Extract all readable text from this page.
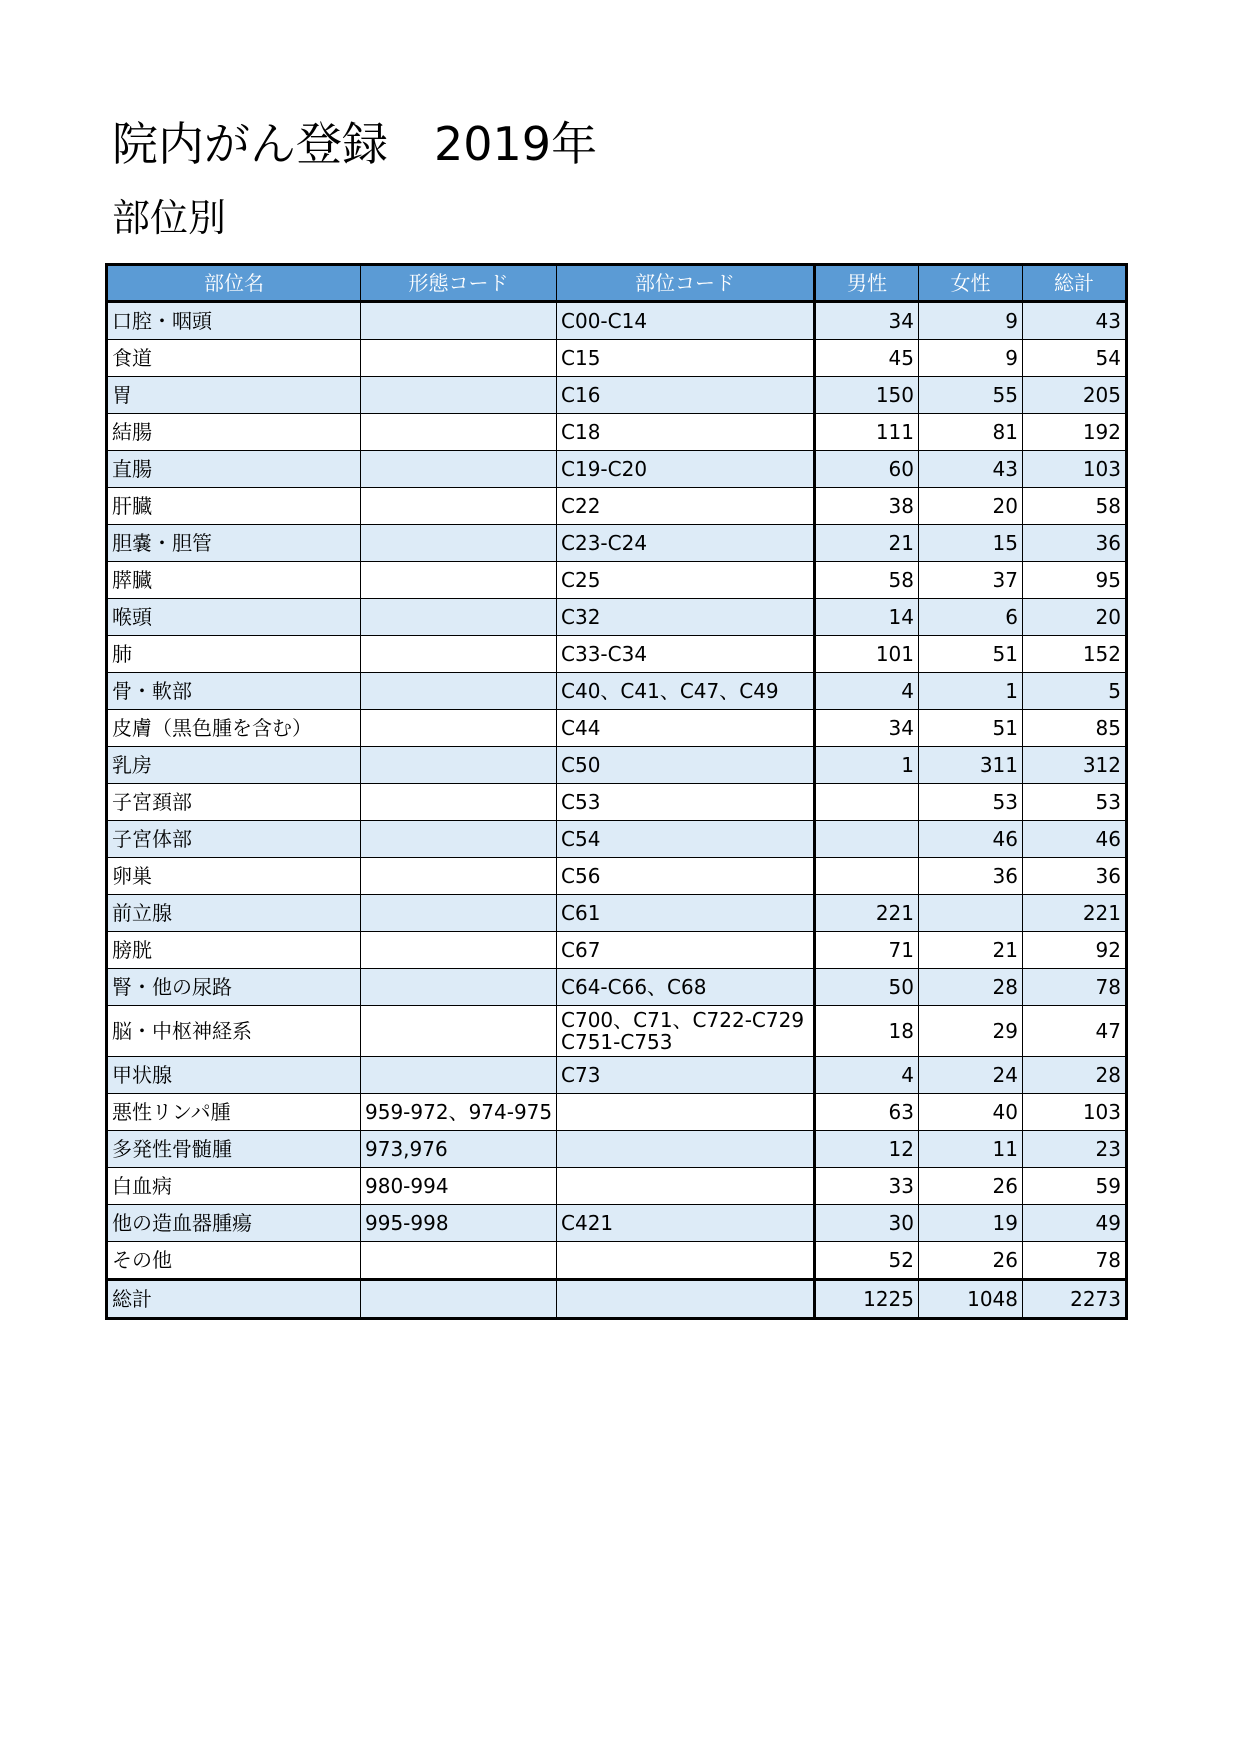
院内がん登録　2019年
部位別
部位名	形態コード	部位コード	男性	女性	総計
口腔・咽頭		C00-C14	34	9	43
食道		C15	45	9	54
胃		C16	150	55	205
結腸		C18	111	81	192
直腸		C19-C20	60	43	103
肝臓		C22	38	20	58
胆嚢・胆管		C23-C24	21	15	36
膵臓		C25	58	37	95
喉頭		C32	14	6	20
肺		C33-C34	101	51	152
骨・軟部		C40、C41、C47、C49	4	1	5
皮膚（黒色腫を含む）		C44	34	51	85
乳房		C50	1	311	312
子宮頚部		C53		53	53
子宮体部		C54		46	46
卵巣		C56		36	36
前立腺		C61	221		221
膀胱		C67	71	21	92
腎・他の尿路		C64-C66、C68	50	28	78
脳・中枢神経系		C700、C71、C722-C729 C751-C753	18	29	47
甲状腺		C73	4	24	28
悪性リンパ腫	959-972、974-975		63	40	103
多発性骨髄腫	973,976		12	11	23
白血病	980-994		33	26	59
他の造血器腫瘍	995-998	C421	30	19	49
その他			52	26	78
総計			1225	1048	2273
